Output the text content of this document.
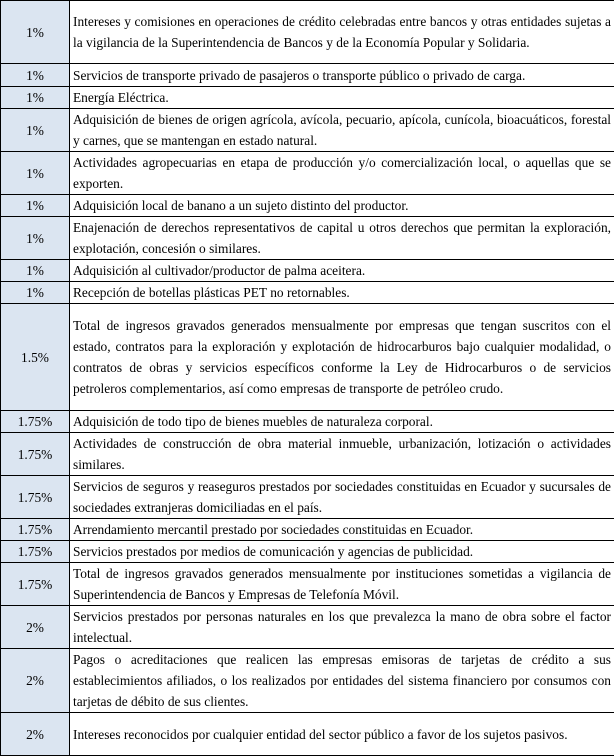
1%	Intereses y comisiones en operaciones de crédito celebradas entre bancos y otras entidades sujetas a la vigilancia de la Superintendencia de Bancos y de la Economía Popular y Solidaria.
1%	Servicios de transporte privado de pasajeros o transporte público o privado de carga.
1%	Energía Eléctrica.
1%	Adquisición de bienes de origen agrícola, avícola, pecuario, apícola, cunícola, bioacuáticos, forestal y carnes, que se mantengan en estado natural.
1%	Actividades agropecuarias en etapa de producción y/o comercialización local, o aquellas que se exporten.
1%	Adquisición local de banano a un sujeto distinto del productor.
1%	Enajenación de derechos representativos de capital u otros derechos que permitan la exploración, explotación, concesión o similares.
1%	Adquisición al cultivador/productor de palma aceitera.
1%	Recepción de botellas plásticas PET no retornables.
1.5%	Total de ingresos gravados generados mensualmente por empresas que tengan suscritos con el estado, contratos para la exploración y explotación de hidrocarburos bajo cualquier modalidad, o contratos de obras y servicios específicos conforme la Ley de Hidrocarburos o de servicios petroleros complementarios, así como empresas de transporte de petróleo crudo.
1.75%	Adquisición de todo tipo de bienes muebles de naturaleza corporal.
1.75%	Actividades de construcción de obra material inmueble, urbanización, lotización o actividades similares.
1.75%	Servicios de seguros y reaseguros prestados por sociedades constituidas en Ecuador y sucursales de sociedades extranjeras domiciliadas en el país.
1.75%	Arrendamiento mercantil prestado por sociedades constituidas en Ecuador.
1.75%	Servicios prestados por medios de comunicación y agencias de publicidad.
1.75%	Total de ingresos gravados generados mensualmente por instituciones sometidas a vigilancia de Superintendencia de Bancos y Empresas de Telefonía Móvil.
2%	Servicios prestados por personas naturales en los que prevalezca la mano de obra sobre el factor intelectual.
2%	Pagos o acreditaciones que realicen las empresas emisoras de tarjetas de crédito a sus establecimientos afiliados, o los realizados por entidades del sistema financiero por consumos con tarjetas de débito de sus clientes.
2%	Intereses reconocidos por cualquier entidad del sector público a favor de los sujetos pasivos.
